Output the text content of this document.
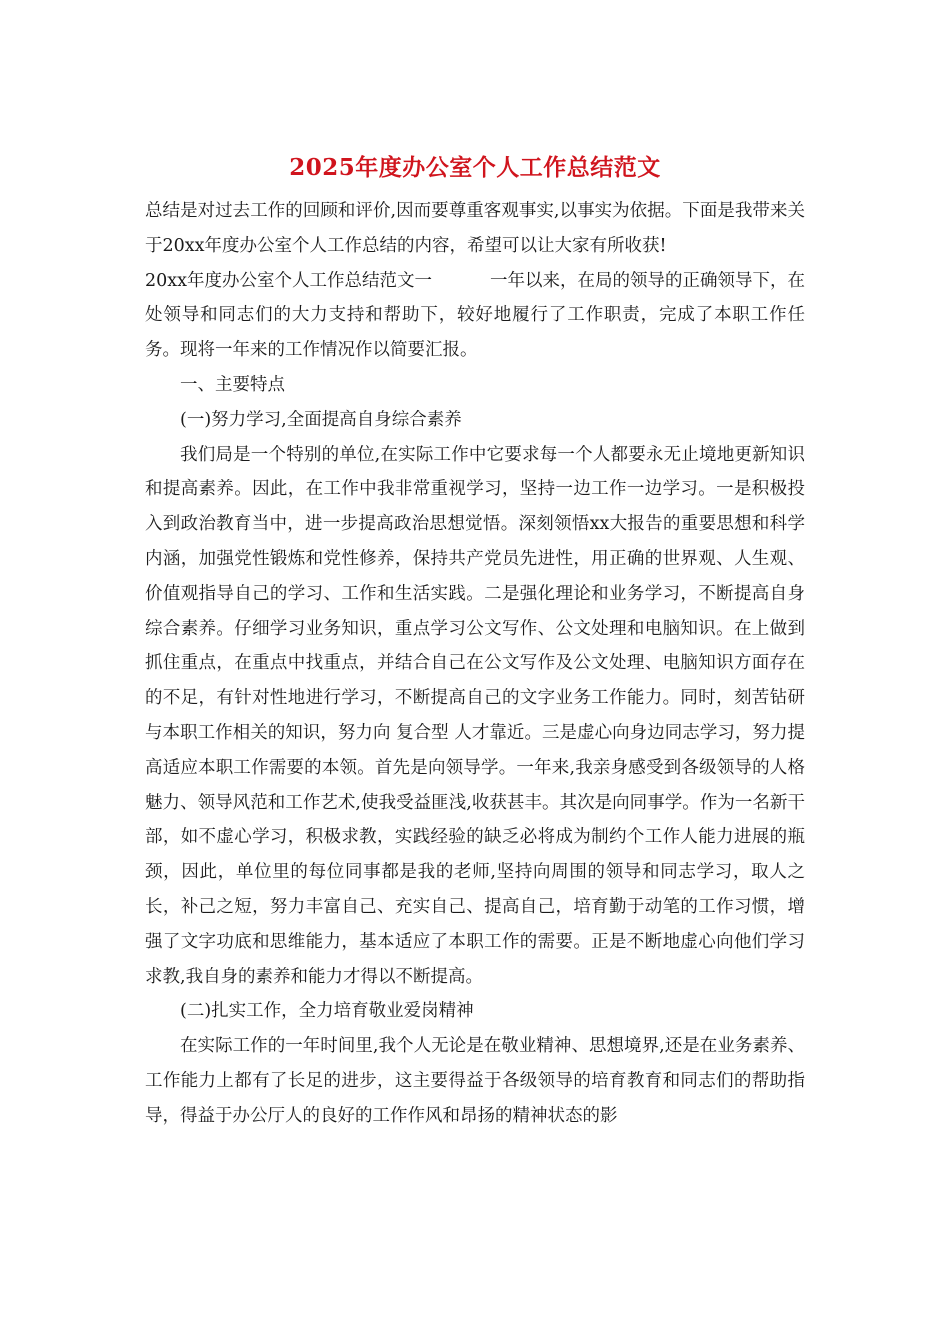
2025年度办公室个人工作总结范文

总结是对过去工作的回顾和评价,因而要尊重客观事实,以事实为依据。下面是我带来关于20xx年度办公室个人工作总结的内容，希望可以让大家有所收获!

20xx年度办公室个人工作总结范文一	一年以来，在局的领导的正确领导下，在处领导和同志们的大力支持和帮助下，较好地履行了工作职责，完成了本职工作任务。现将一年来的工作情况作以简要汇报。

一、主要特点

(一)努力学习,全面提高自身综合素养

我们局是一个特别的单位,在实际工作中它要求每一个人都要永无止境地更新知识和提高素养。因此，在工作中我非常重视学习，坚持一边工作一边学习。一是积极投入到政治教育当中，进一步提高政治思想觉悟。深刻领悟xx大报告的重要思想和科学内涵，加强党性锻炼和党性修养，保持共产党员先进性，用正确的世界观、人生观、价值观指导自己的学习、工作和生活实践。二是强化理论和业务学习，不断提高自身综合素养。仔细学习业务知识，重点学习公文写作、公文处理和电脑知识。在上做到抓住重点，在重点中找重点，并结合自己在公文写作及公文处理、电脑知识方面存在的不足，有针对性地进行学习，不断提高自己的文字业务工作能力。同时，刻苦钻研与本职工作相关的知识，努力向 复合型 人才靠近。三是虚心向身边同志学习，努力提高适应本职工作需要的本领。首先是向领导学。一年来,我亲身感受到各级领导的人格魅力、领导风范和工作艺术,使我受益匪浅,收获甚丰。其次是向同事学。作为一名新干部，如不虚心学习，积极求教，实践经验的缺乏必将成为制约个工作人能力进展的瓶颈，因此，单位里的每位同事都是我的老师,坚持向周围的领导和同志学习，取人之长，补己之短，努力丰富自己、充实自己、提高自己，培育勤于动笔的工作习惯，增强了文字功底和思维能力，基本适应了本职工作的需要。正是不断地虚心向他们学习求教,我自身的素养和能力才得以不断提高。

(二)扎实工作，全力培育敬业爱岗精神

在实际工作的一年时间里,我个人无论是在敬业精神、思想境界,还是在业务素养、工作能力上都有了长足的进步，这主要得益于各级领导的培育教育和同志们的帮助指导，得益于办公厅人的良好的工作作风和昂扬的精神状态的影
